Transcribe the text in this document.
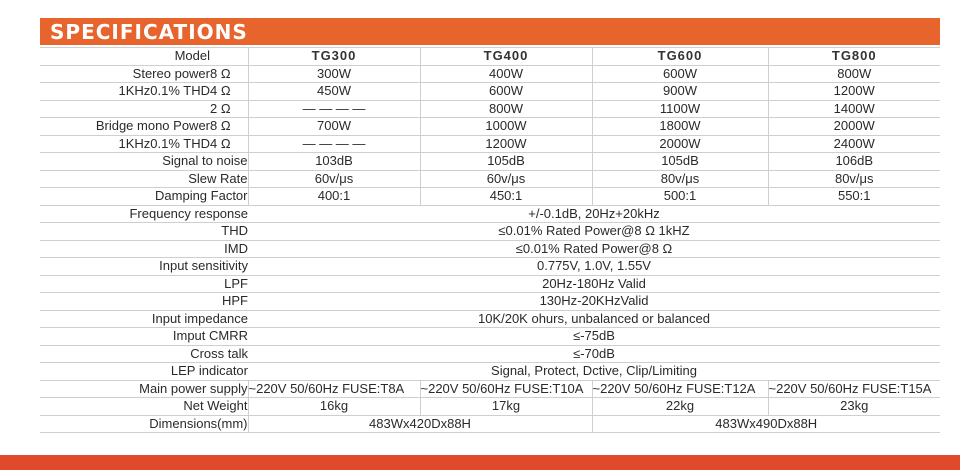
SPECIFICATIONS
Model		TG300	TG400	TG600	TG800
Stereo power	8 Ω	300W	400W	600W	800W
1KHz0.1% THD	4 Ω	450W	600W	900W	1200W
	2 Ω	— — — —	800W	1100W	1400W
Bridge mono Power	8 Ω	700W	1000W	1800W	2000W
1KHz0.1% THD	4 Ω	— — — —	1200W	2000W	2400W
Signal to noise		103dB	105dB	105dB	106dB
Slew Rate		60v/μs	60v/μs	80v/μs	80v/μs
Damping Factor		400:1	450:1	500:1	550:1
Frequency response		+/-0.1dB, 20Hz+20kHz			
THD		≤0.01% Rated Power@8 Ω 1kHZ			
IMD		≤0.01% Rated Power@8 Ω			
Input sensitivity		0.775V, 1.0V, 1.55V			
LPF		20Hz-180Hz Valid			
HPF		130Hz-20KHzValid			
Input impedance		10K/20K ohurs, unbalanced or balanced			
Imput CMRR		≤-75dB			
Cross talk		≤-70dB			
LEP indicator		Signal, Protect, Dctive, Clip/Limiting			
Main power supply		~220V 50/60Hz FUSE:T8A	~220V 50/60Hz FUSE:T10A	~220V 50/60Hz FUSE:T12A	~220V 50/60Hz FUSE:T15A
Net Weight		16kg	17kg	22kg	23kg
Dimensions(mm)		483Wx420Dx88H		483Wx490Dx88H	
